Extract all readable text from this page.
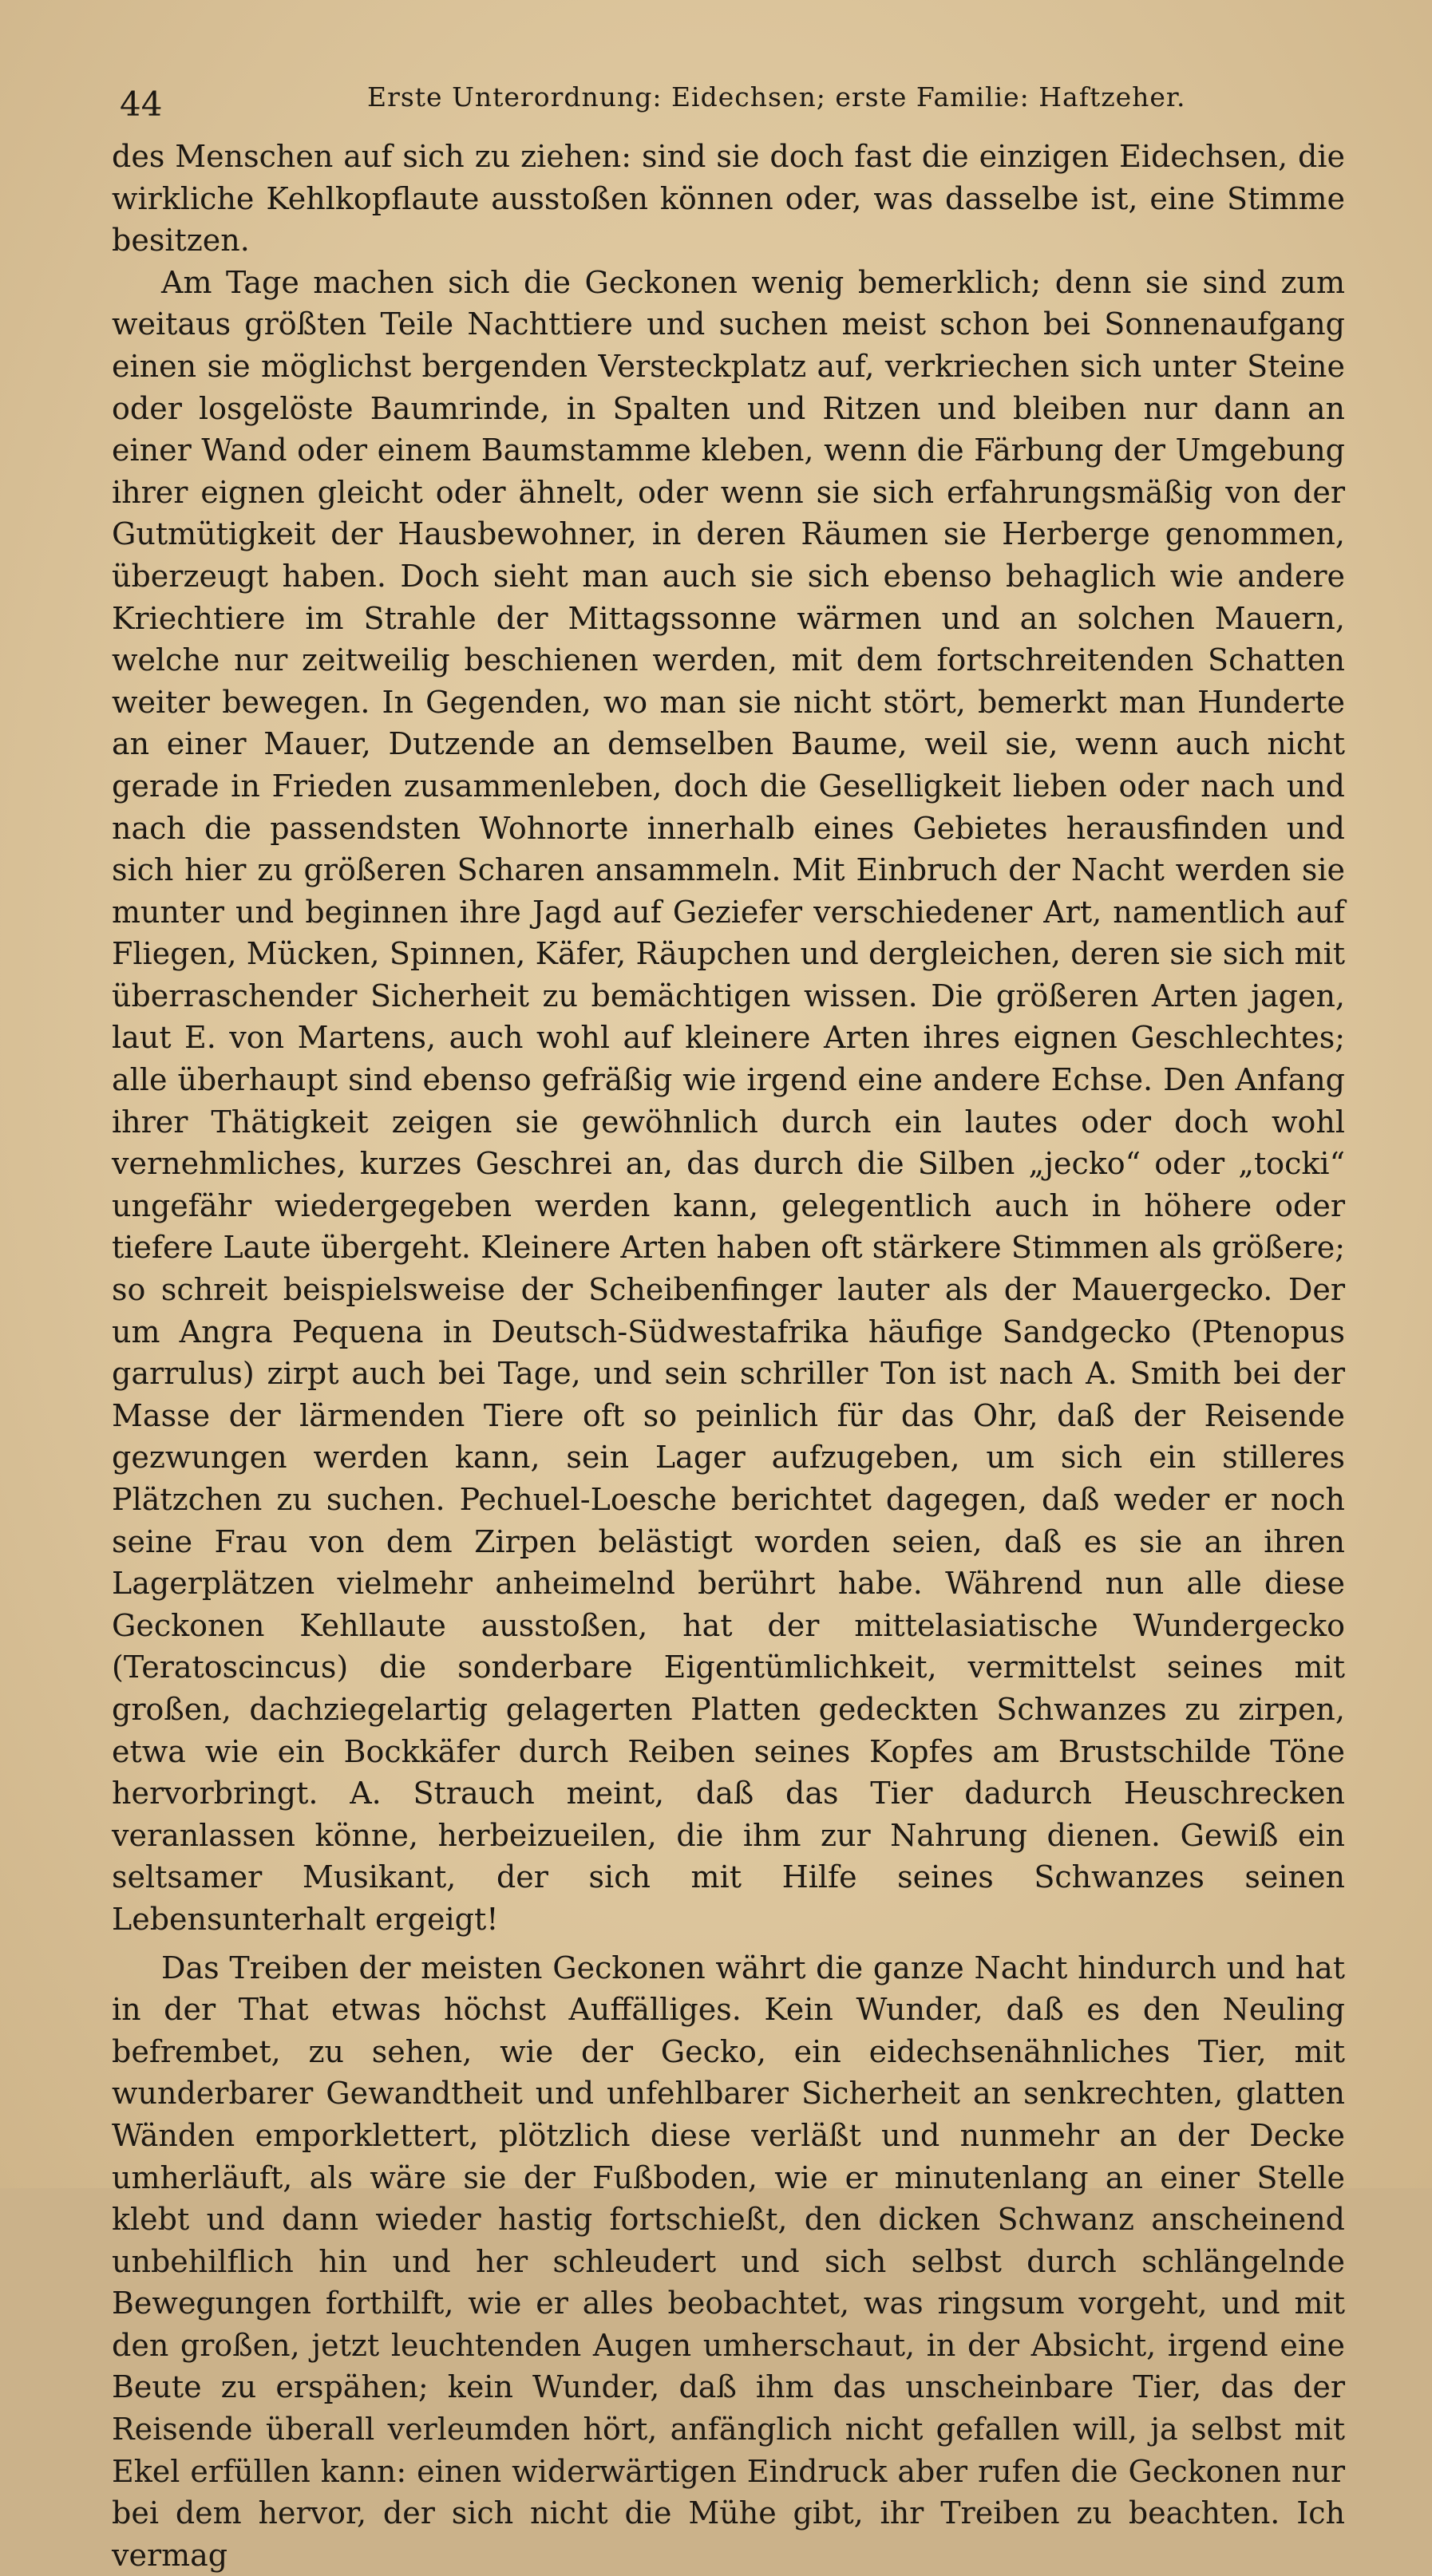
44	Erste Unterordnung: Eidechsen; erste Familie: Haftzeher.

des Menschen auf sich zu ziehen: sind sie doch fast die einzigen Eidechsen, die wirkliche Kehlkopflaute ausstoßen können oder, was dasselbe ist, eine Stimme besitzen.

Am Tage machen sich die Geckonen wenig bemerklich; denn sie sind zum weitaus größten Teile Nachttiere und suchen meist schon bei Sonnenaufgang einen sie möglichst bergenden Versteckplatz auf, verkriechen sich unter Steine oder losgelöste Baumrinde, in Spalten und Ritzen und bleiben nur dann an einer Wand oder einem Baumstamme kleben, wenn die Färbung der Umgebung ihrer eignen gleicht oder ähnelt, oder wenn sie sich erfahrungsmäßig von der Gutmütigkeit der Hausbewohner, in deren Räumen sie Herberge genommen, überzeugt haben. Doch sieht man auch sie sich ebenso behaglich wie andere Kriechtiere im Strahle der Mittagssonne wärmen und an solchen Mauern, welche nur zeitweilig beschienen werden, mit dem fortschreitenden Schatten weiter bewegen. In Gegenden, wo man sie nicht stört, bemerkt man Hunderte an einer Mauer, Dutzende an demselben Baume, weil sie, wenn auch nicht gerade in Frieden zusammenleben, doch die Geselligkeit lieben oder nach und nach die passendsten Wohnorte innerhalb eines Gebietes herausfinden und sich hier zu größeren Scharen ansammeln. Mit Einbruch der Nacht werden sie munter und beginnen ihre Jagd auf Geziefer verschiedener Art, namentlich auf Fliegen, Mücken, Spinnen, Käfer, Räupchen und dergleichen, deren sie sich mit überraschender Sicherheit zu bemächtigen wissen. Die größeren Arten jagen, laut E. von Martens, auch wohl auf kleinere Arten ihres eignen Geschlechtes; alle überhaupt sind ebenso gefräßig wie irgend eine andere Echse. Den Anfang ihrer Thätigkeit zeigen sie gewöhnlich durch ein lautes oder doch wohl vernehmliches, kurzes Geschrei an, das durch die Silben „jecko“ oder „tocki“ ungefähr wiedergegeben werden kann, gelegentlich auch in höhere oder tiefere Laute übergeht. Kleinere Arten haben oft stärkere Stimmen als größere; so schreit beispielsweise der Scheibenfinger lauter als der Mauergecko. Der um Angra Pequena in Deutsch-Südwestafrika häufige Sandgecko (Ptenopus garrulus) zirpt auch bei Tage, und sein schriller Ton ist nach A. Smith bei der Masse der lärmenden Tiere oft so peinlich für das Ohr, daß der Reisende gezwungen werden kann, sein Lager aufzugeben, um sich ein stilleres Plätzchen zu suchen. Pechuel-Loesche berichtet dagegen, daß weder er noch seine Frau von dem Zirpen belästigt worden seien, daß es sie an ihren Lagerplätzen vielmehr anheimelnd berührt habe. Während nun alle diese Geckonen Kehllaute ausstoßen, hat der mittelasiatische Wundergecko (Teratoscincus) die sonderbare Eigentümlichkeit, vermittelst seines mit großen, dachziegelartig gelagerten Platten gedeckten Schwanzes zu zirpen, etwa wie ein Bockkäfer durch Reiben seines Kopfes am Brustschilde Töne hervorbringt. A. Strauch meint, daß das Tier dadurch Heuschrecken veranlassen könne, herbeizueilen, die ihm zur Nahrung dienen. Gewiß ein seltsamer Musikant, der sich mit Hilfe seines Schwanzes seinen Lebensunterhalt ergeigt!

Das Treiben der meisten Geckonen währt die ganze Nacht hindurch und hat in der That etwas höchst Auffälliges. Kein Wunder, daß es den Neuling befrembet, zu sehen, wie der Gecko, ein eidechsenähnliches Tier, mit wunderbarer Gewandtheit und unfehlbarer Sicherheit an senkrechten, glatten Wänden emporklettert, plötzlich diese verläßt und nunmehr an der Decke umherläuft, als wäre sie der Fußboden, wie er minutenlang an einer Stelle klebt und dann wieder hastig fortschießt, den dicken Schwanz anscheinend unbehilflich hin und her schleudert und sich selbst durch schlängelnde Bewegungen forthilft, wie er alles beobachtet, was ringsum vorgeht, und mit den großen, jetzt leuchtenden Augen umherschaut, in der Absicht, irgend eine Beute zu erspähen; kein Wunder, daß ihm das unscheinbare Tier, das der Reisende überall verleumden hört, anfänglich nicht gefallen will, ja selbst mit Ekel erfüllen kann: einen widerwärtigen Eindruck aber rufen die Geckonen nur bei dem hervor, der sich nicht die Mühe gibt, ihr Treiben zu beachten. Ich vermag
